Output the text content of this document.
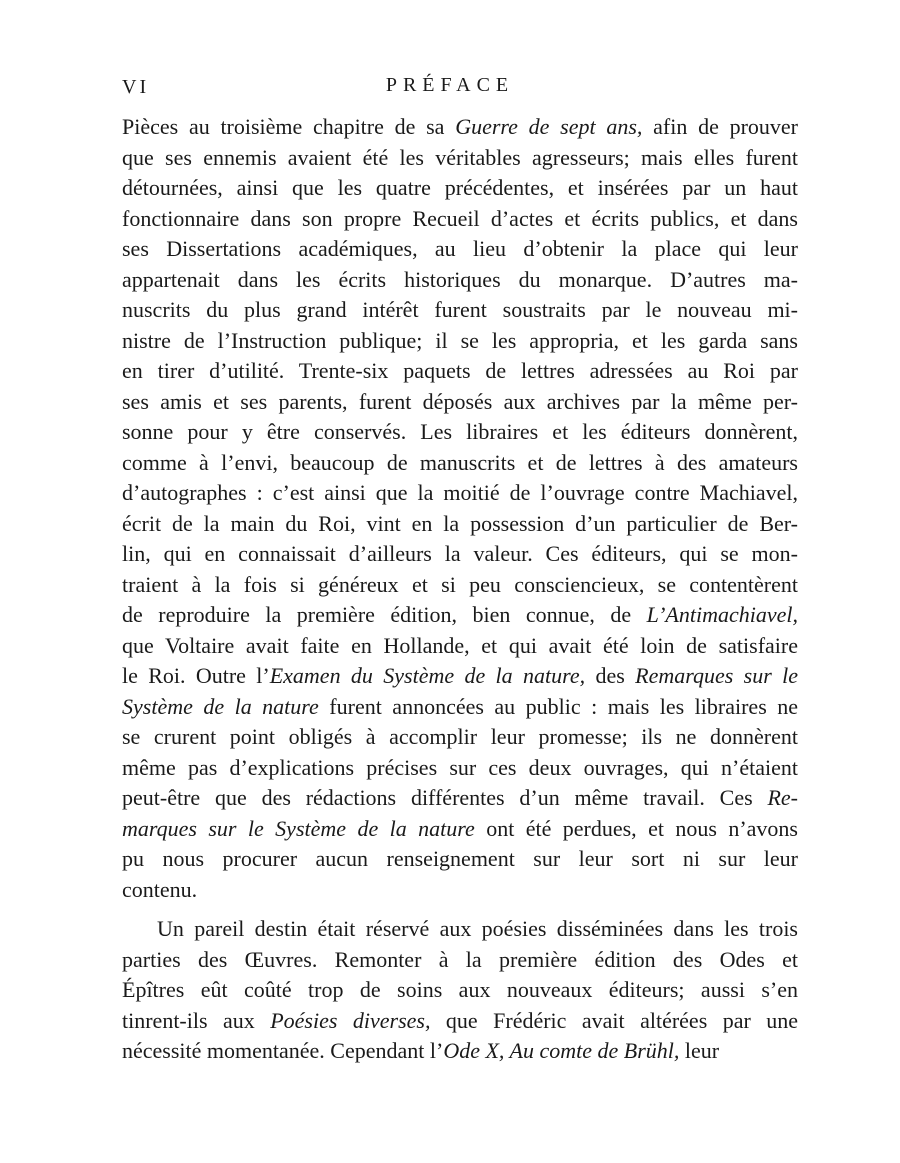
VI	PRÉFACE
Pièces au troisième chapitre de sa Guerre de sept ans, afin de prouver
que ses ennemis avaient été les véritables agresseurs; mais elles furent
détournées, ainsi que les quatre précédentes, et insérées par un haut
fonctionnaire dans son propre Recueil d’actes et écrits publics, et dans
ses Dissertations académiques, au lieu d’obtenir la place qui leur
appartenait dans les écrits historiques du monarque. D’autres ma-
nuscrits du plus grand intérêt furent soustraits par le nouveau mi-
nistre de l’Instruction publique; il se les appropria, et les garda sans
en tirer d’utilité. Trente-six paquets de lettres adressées au Roi par
ses amis et ses parents, furent déposés aux archives par la même per-
sonne pour y être conservés. Les libraires et les éditeurs donnèrent,
comme à l’envi, beaucoup de manuscrits et de lettres à des amateurs
d’autographes : c’est ainsi que la moitié de l’ouvrage contre Machiavel,
écrit de la main du Roi, vint en la possession d’un particulier de Ber-
lin, qui en connaissait d’ailleurs la valeur. Ces éditeurs, qui se mon-
traient à la fois si généreux et si peu consciencieux, se contentèrent
de reproduire la première édition, bien connue, de L’Antimachiavel,
que Voltaire avait faite en Hollande, et qui avait été loin de satisfaire
le Roi. Outre l’Examen du Système de la nature, des Remarques sur le
Système de la nature furent annoncées au public : mais les libraires ne
se crurent point obligés à accomplir leur promesse; ils ne donnèrent
même pas d’explications précises sur ces deux ouvrages, qui n’étaient
peut-être que des rédactions différentes d’un même travail. Ces Re-
marques sur le Système de la nature ont été perdues, et nous n’avons
pu nous procurer aucun renseignement sur leur sort ni sur leur
contenu.
Un pareil destin était réservé aux poésies disséminées dans les trois
parties des Œuvres. Remonter à la première édition des Odes et
Épîtres eût coûté trop de soins aux nouveaux éditeurs; aussi s’en
tinrent-ils aux Poésies diverses, que Frédéric avait altérées par une
nécessité momentanée. Cependant l’Ode X, Au comte de Brühl, leur
